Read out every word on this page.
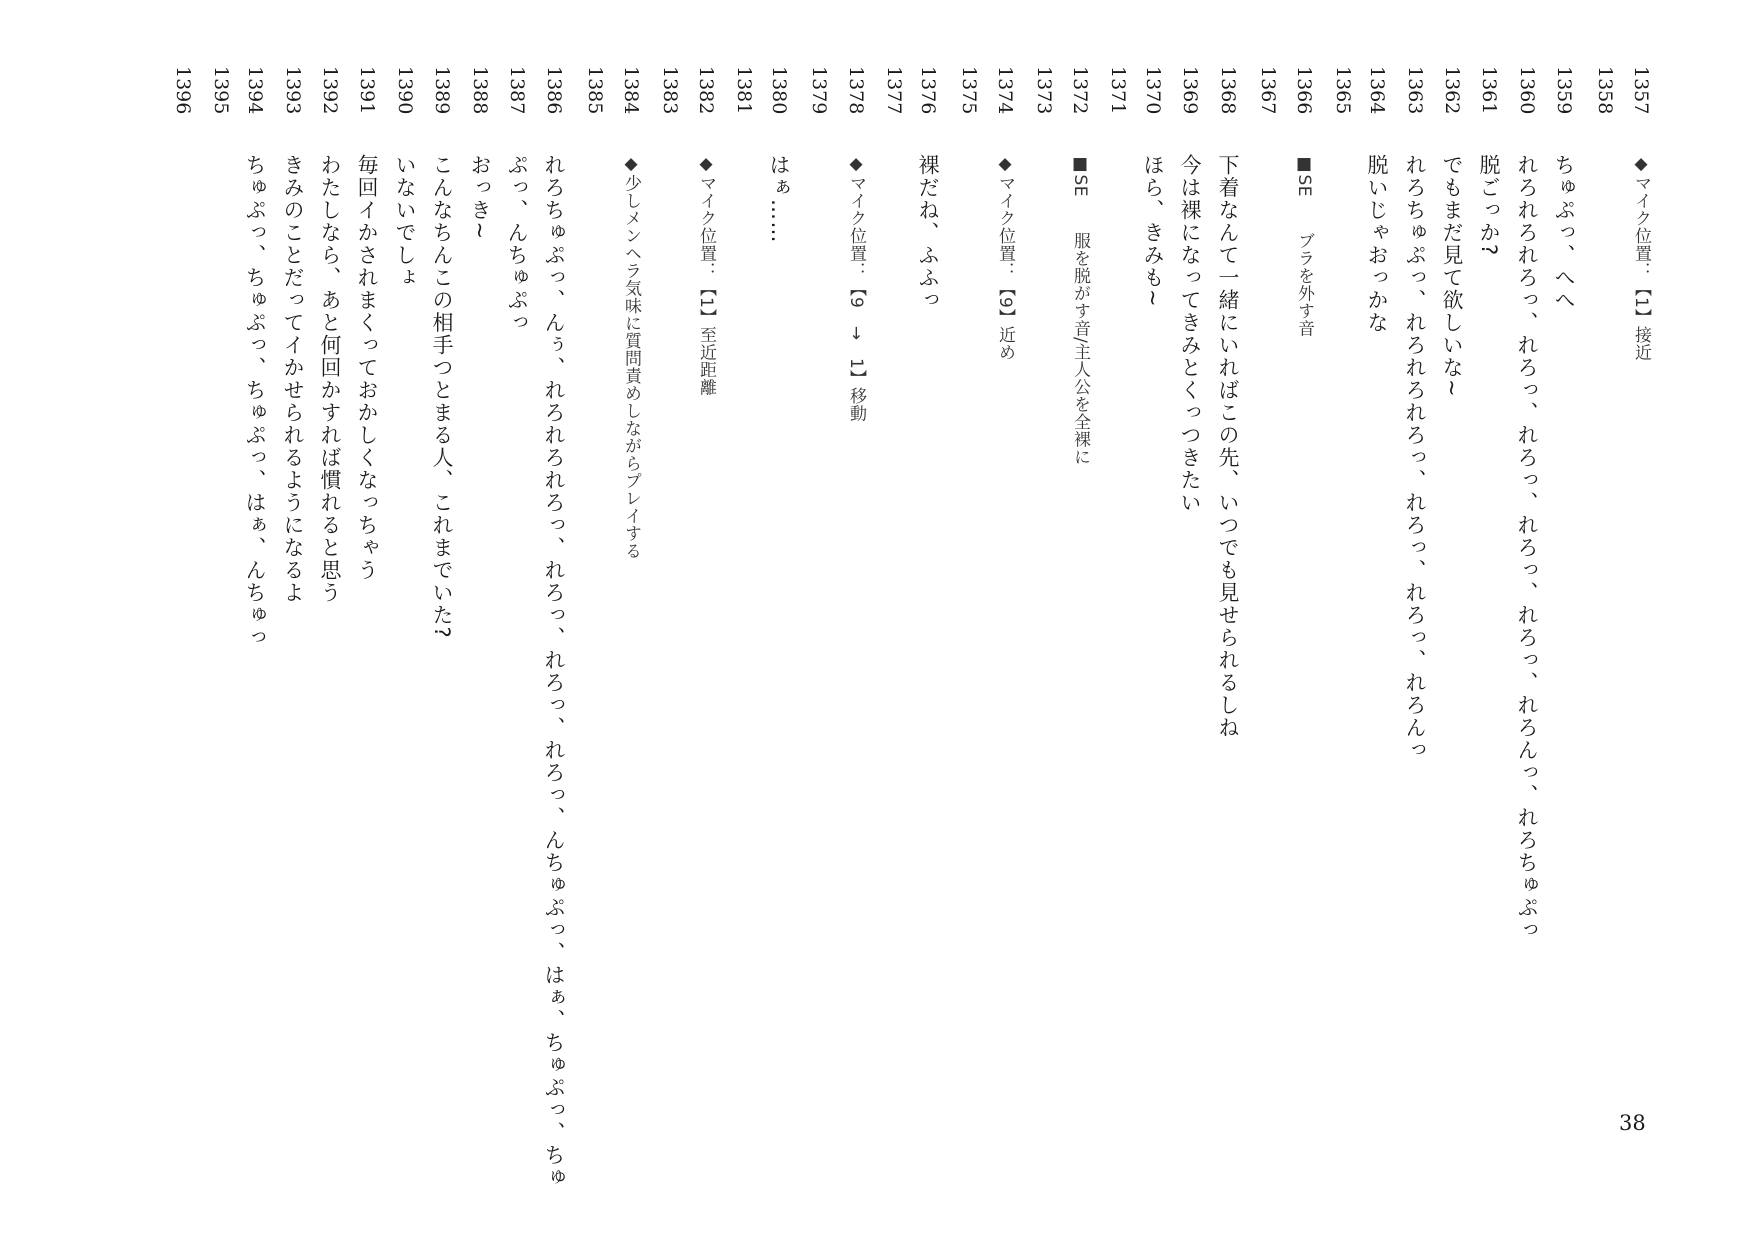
1357◆マイク位置：【1】接近
1358
1359ちゅぷっ、へへ
1360れろれろれろっ、れろっ、れろっ、れろっ、れろっ、れろんっ、れろちゅぷっ
1361脱ごっか?
1362でもまだ見て欲しいな~
1363れろちゅぷっ、れろれろれろっ、れろっ、れろっ、れろんっ
1364脱いじゃおっかな
1365
1366■SE　　ブラを外す音
1367
1368下着なんて一緒にいればこの先、いつでも見せられるしね
1369今は裸になってきみとくっつきたい
1370ほら、きみも~
1371
1372■SE　　服を脱がす音/主人公を全裸に
1373
1374◆マイク位置：【9】近め
1375
1376裸だね、ふふっ
1377
1378◆マイク位置：【9　→　1】移動
1379
1380はぁ……
1381
1382◆マイク位置：【1】至近距離
1383
1384◆少しメンヘラ気味に質問責めしながらプレイする
1385
1386れろちゅぷっ、んぅ、れろれろれろっ、れろっ、れろっ、れろっ、んちゅぷっ、はぁ、ちゅぷっ、ちゅ
1387ぷっ、んちゅぷっ
1388おっき~
1389こんなちんこの相手つとまる人、これまでいた?
1390いないでしょ
1391毎回イかされまくっておかしくなっちゃう
1392わたしなら、あと何回かすれば慣れると思う
1393きみのことだってイかせられるようになるよ
1394ちゅぷっ、ちゅぷっ、ちゅぷっ、はぁ、んちゅっ
1395
1396
38
